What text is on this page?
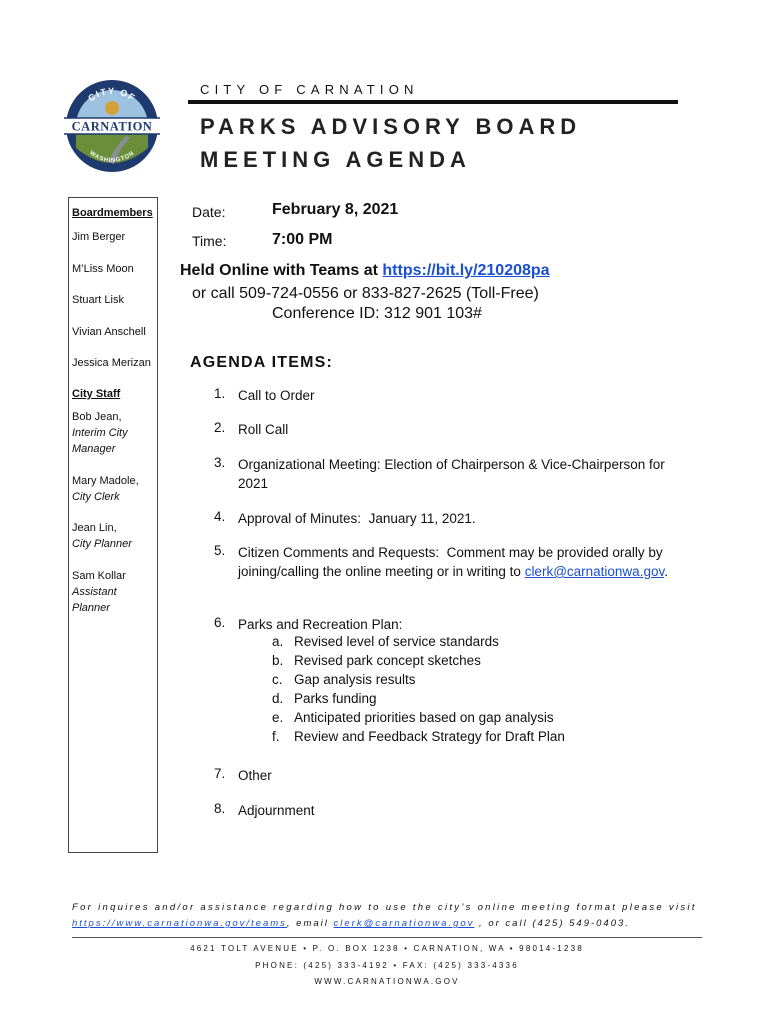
CITY OF
CARNATION
WASHINGTON
CITY OF CARNATION
PARKS ADVISORY BOARD
MEETING AGENDA
Boardmembers
Jim Berger
M’Liss Moon
Stuart Lisk
Vivian Anschell
Jessica Merizan
City Staff
Bob Jean,
Interim City Manager
Mary Madole,
City Clerk
Jean Lin,
City Planner
Sam Kollar
Assistant Planner
Date:	February 8, 2021
Time:	7:00 PM
Held Online with Teams at https://bit.ly/210208pa
or call 509-724-0556 or 833-827-2625 (Toll-Free)
Conference ID: 312 901 103#
AGENDA ITEMS:
1. Call to Order
2. Roll Call
3. Organizational Meeting: Election of Chairperson & Vice-Chairperson for 2021
4. Approval of Minutes:  January 11, 2021.
5. Citizen Comments and Requests:  Comment may be provided orally by joining/calling the online meeting or in writing to clerk@carnationwa.gov.
6. Parks and Recreation Plan:
a. Revised level of service standards
b. Revised park concept sketches
c. Gap analysis results
d. Parks funding
e. Anticipated priorities based on gap analysis
f. Review and Feedback Strategy for Draft Plan
7. Other
8. Adjournment
For inquires and/or assistance regarding how to use the city’s online meeting format please visit
https://www.carnationwa.gov/teams, email clerk@carnationwa.gov , or call (425) 549-0403.
4621 TOLT AVENUE • P. O. BOX 1238 • CARNATION, WA • 98014-1238
PHONE: (425) 333-4192 • FAX: (425) 333-4336
WWW.CARNATIONWA.GOV
